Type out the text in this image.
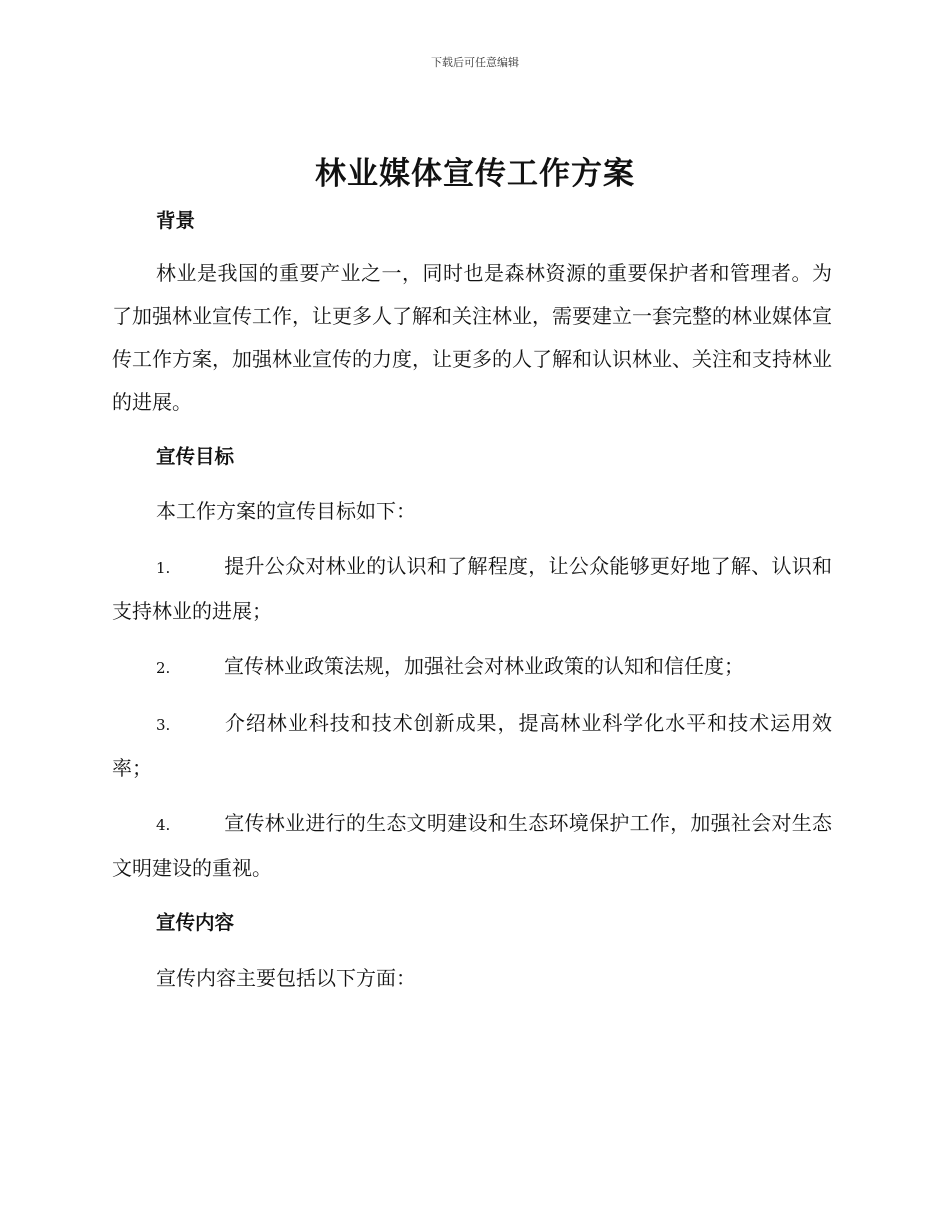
下载后可任意编辑
林业媒体宣传工作方案
背景

林业是我国的重要产业之一，同时也是森林资源的重要保护者和管理者。为了加强林业宣传工作，让更多人了解和关注林业，需要建立一套完整的林业媒体宣传工作方案，加强林业宣传的力度，让更多的人了解和认识林业、关注和支持林业的进展。

宣传目标

本工作方案的宣传目标如下：

1.	提升公众对林业的认识和了解程度，让公众能够更好地了解、认识和支持林业的进展；

2.	宣传林业政策法规，加强社会对林业政策的认知和信任度；

3.	介绍林业科技和技术创新成果，提高林业科学化水平和技术运用效率；

4.	宣传林业进行的生态文明建设和生态环境保护工作，加强社会对生态文明建设的重视。

宣传内容

宣传内容主要包括以下方面：
